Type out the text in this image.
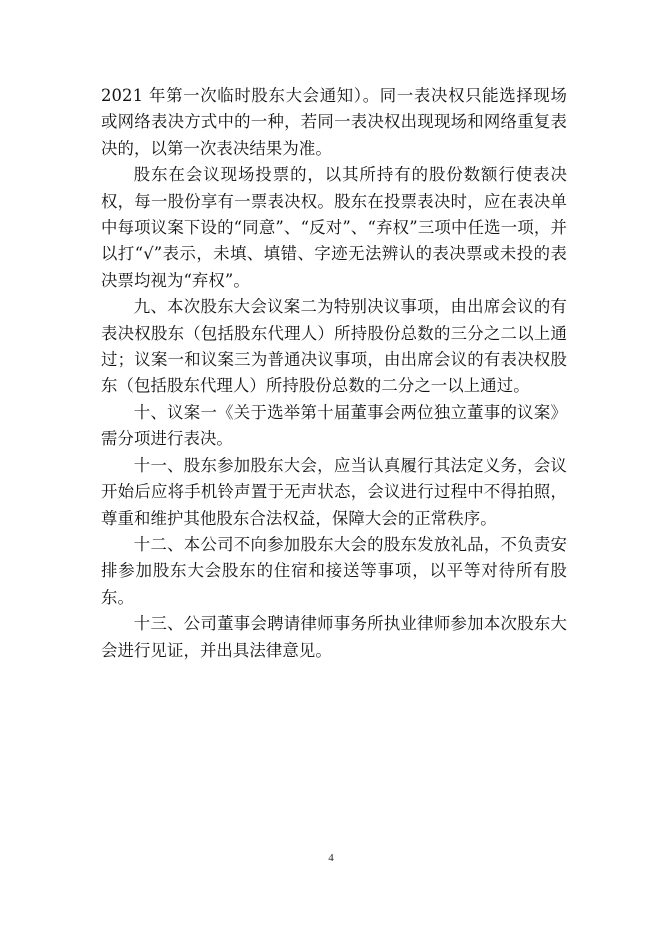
2021 年第一次临时股东大会通知）。同一表决权只能选择现场或网络表决方式中的一种，若同一表决权出现现场和网络重复表决的，以第一次表决结果为准。

股东在会议现场投票的，以其所持有的股份数额行使表决权，每一股份享有一票表决权。股东在投票表决时，应在表决单中每项议案下设的“同意”、“反对”、“弃权”三项中任选一项，并以打“√”表示，未填、填错、字迹无法辨认的表决票或未投的表决票均视为“弃权”。

九、本次股东大会议案二为特别决议事项，由出席会议的有表决权股东（包括股东代理人）所持股份总数的三分之二以上通过；议案一和议案三为普通决议事项，由出席会议的有表决权股东（包括股东代理人）所持股份总数的二分之一以上通过。

十、议案一《关于选举第十届董事会两位独立董事的议案》需分项进行表决。

十一、股东参加股东大会，应当认真履行其法定义务，会议开始后应将手机铃声置于无声状态，会议进行过程中不得拍照，尊重和维护其他股东合法权益，保障大会的正常秩序。

十二、本公司不向参加股东大会的股东发放礼品，不负责安排参加股东大会股东的住宿和接送等事项，以平等对待所有股东。

十三、公司董事会聘请律师事务所执业律师参加本次股东大会进行见证，并出具法律意见。

4
